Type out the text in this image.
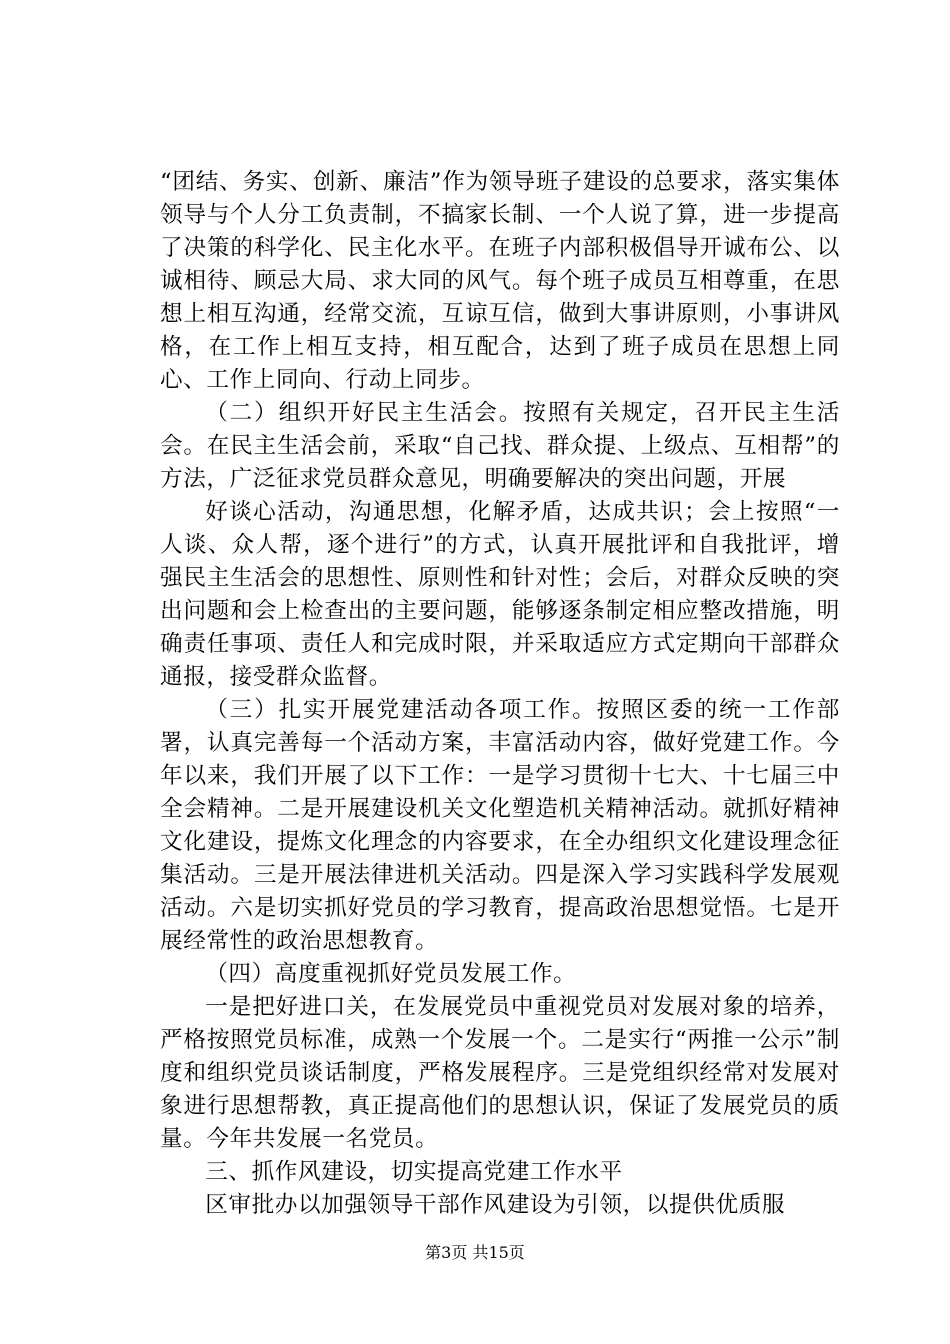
“团结、务实、创新、廉洁”作为领导班子建设的总要求，落实集体领导与个人分工负责制，不搞家长制、一个人说了算，进一步提高了决策的科学化、民主化水平。在班子内部积极倡导开诚布公、以诚相待、顾忌大局、求大同的风气。每个班子成员互相尊重，在思想上相互沟通，经常交流，互谅互信，做到大事讲原则，小事讲风格，在工作上相互支持，相互配合，达到了班子成员在思想上同心、工作上同向、行动上同步。

（二）组织开好民主生活会。按照有关规定，召开民主生活会。在民主生活会前，采取“自己找、群众提、上级点、互相帮”的方法，广泛征求党员群众意见，明确要解决的突出问题，开展

好谈心活动，沟通思想，化解矛盾，达成共识；会上按照“一人谈、众人帮，逐个进行”的方式，认真开展批评和自我批评，增强民主生活会的思想性、原则性和针对性；会后，对群众反映的突出问题和会上检查出的主要问题，能够逐条制定相应整改措施，明确责任事项、责任人和完成时限，并采取适应方式定期向干部群众通报，接受群众监督。

（三）扎实开展党建活动各项工作。按照区委的统一工作部署，认真完善每一个活动方案，丰富活动内容，做好党建工作。今年以来，我们开展了以下工作：一是学习贯彻十七大、十七届三中全会精神。二是开展建设机关文化塑造机关精神活动。就抓好精神文化建设，提炼文化理念的内容要求，在全办组织文化建设理念征集活动。三是开展法律进机关活动。四是深入学习实践科学发展观活动。六是切实抓好党员的学习教育，提高政治思想觉悟。七是开展经常性的政治思想教育。

（四）高度重视抓好党员发展工作。

一是把好进口关，在发展党员中重视党员对发展对象的培养，严格按照党员标准，成熟一个发展一个。二是实行“两推一公示”制度和组织党员谈话制度，严格发展程序。三是党组织经常对发展对象进行思想帮教，真正提高他们的思想认识，保证了发展党员的质量。今年共发展一名党员。

三、抓作风建设，切实提高党建工作水平

区审批办以加强领导干部作风建设为引领，以提供优质服

第3页 共15页
